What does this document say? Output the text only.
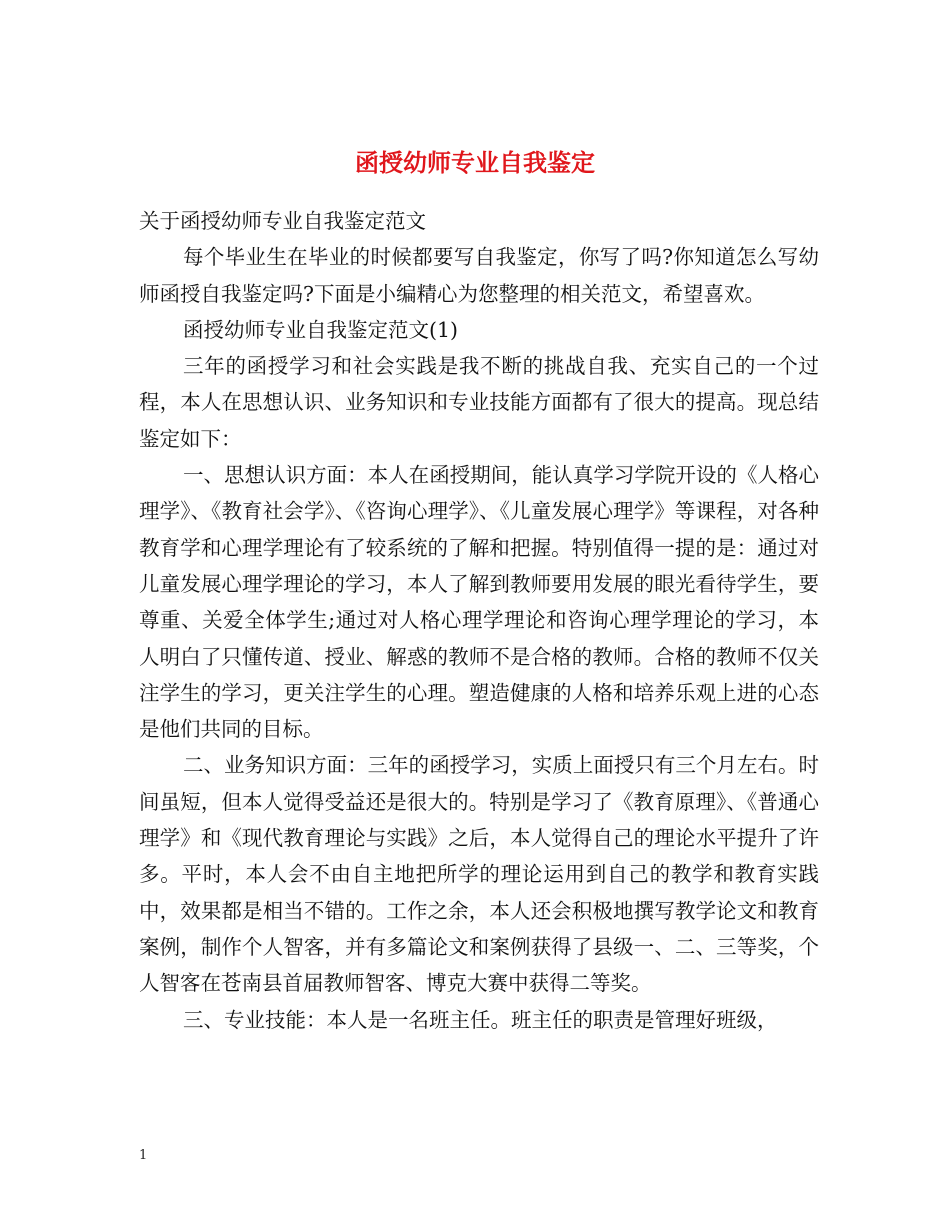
函授幼师专业自我鉴定

关于函授幼师专业自我鉴定范文

每个毕业生在毕业的时候都要写自我鉴定，你写了吗?你知道怎么写幼师函授自我鉴定吗?下面是小编精心为您整理的相关范文，希望喜欢。

函授幼师专业自我鉴定范文(1)

三年的函授学习和社会实践是我不断的挑战自我、充实自己的一个过程，本人在思想认识、业务知识和专业技能方面都有了很大的提高。现总结鉴定如下：

一、思想认识方面：本人在函授期间，能认真学习学院开设的《人格心理学》、《教育社会学》、《咨询心理学》、《儿童发展心理学》等课程，对各种教育学和心理学理论有了较系统的了解和把握。特别值得一提的是：通过对儿童发展心理学理论的学习，本人了解到教师要用发展的眼光看待学生，要尊重、关爱全体学生;通过对人格心理学理论和咨询心理学理论的学习，本人明白了只懂传道、授业、解惑的教师不是合格的教师。合格的教师不仅关注学生的学习，更关注学生的心理。塑造健康的人格和培养乐观上进的心态是他们共同的目标。

二、业务知识方面：三年的函授学习，实质上面授只有三个月左右。时间虽短，但本人觉得受益还是很大的。特别是学习了《教育原理》、《普通心理学》和《现代教育理论与实践》之后，本人觉得自己的理论水平提升了许多。平时，本人会不由自主地把所学的理论运用到自己的教学和教育实践中，效果都是相当不错的。工作之余，本人还会积极地撰写教学论文和教育案例，制作个人智客，并有多篇论文和案例获得了县级一、二、三等奖，个人智客在苍南县首届教师智客、博克大赛中获得二等奖。

三、专业技能：本人是一名班主任。班主任的职责是管理好班级，

1
